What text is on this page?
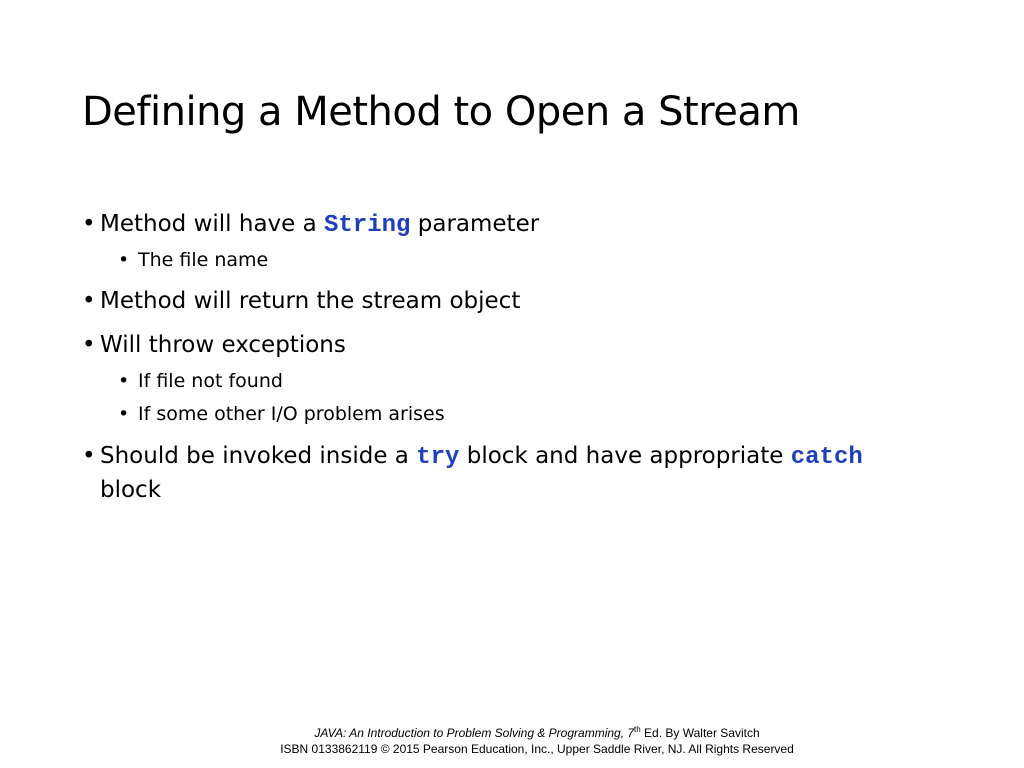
Defining a Method to Open a Stream
• Method will have a String parameter
• The file name
• Method will return the stream object
• Will throw exceptions
• If file not found
• If some other I/O problem arises
• Should be invoked inside a try block and have appropriate catch
block
JAVA: An Introduction to Problem Solving & Programming, 7th Ed. By Walter Savitch
ISBN 0133862119 © 2015 Pearson Education, Inc., Upper Saddle River, NJ. All Rights Reserved
